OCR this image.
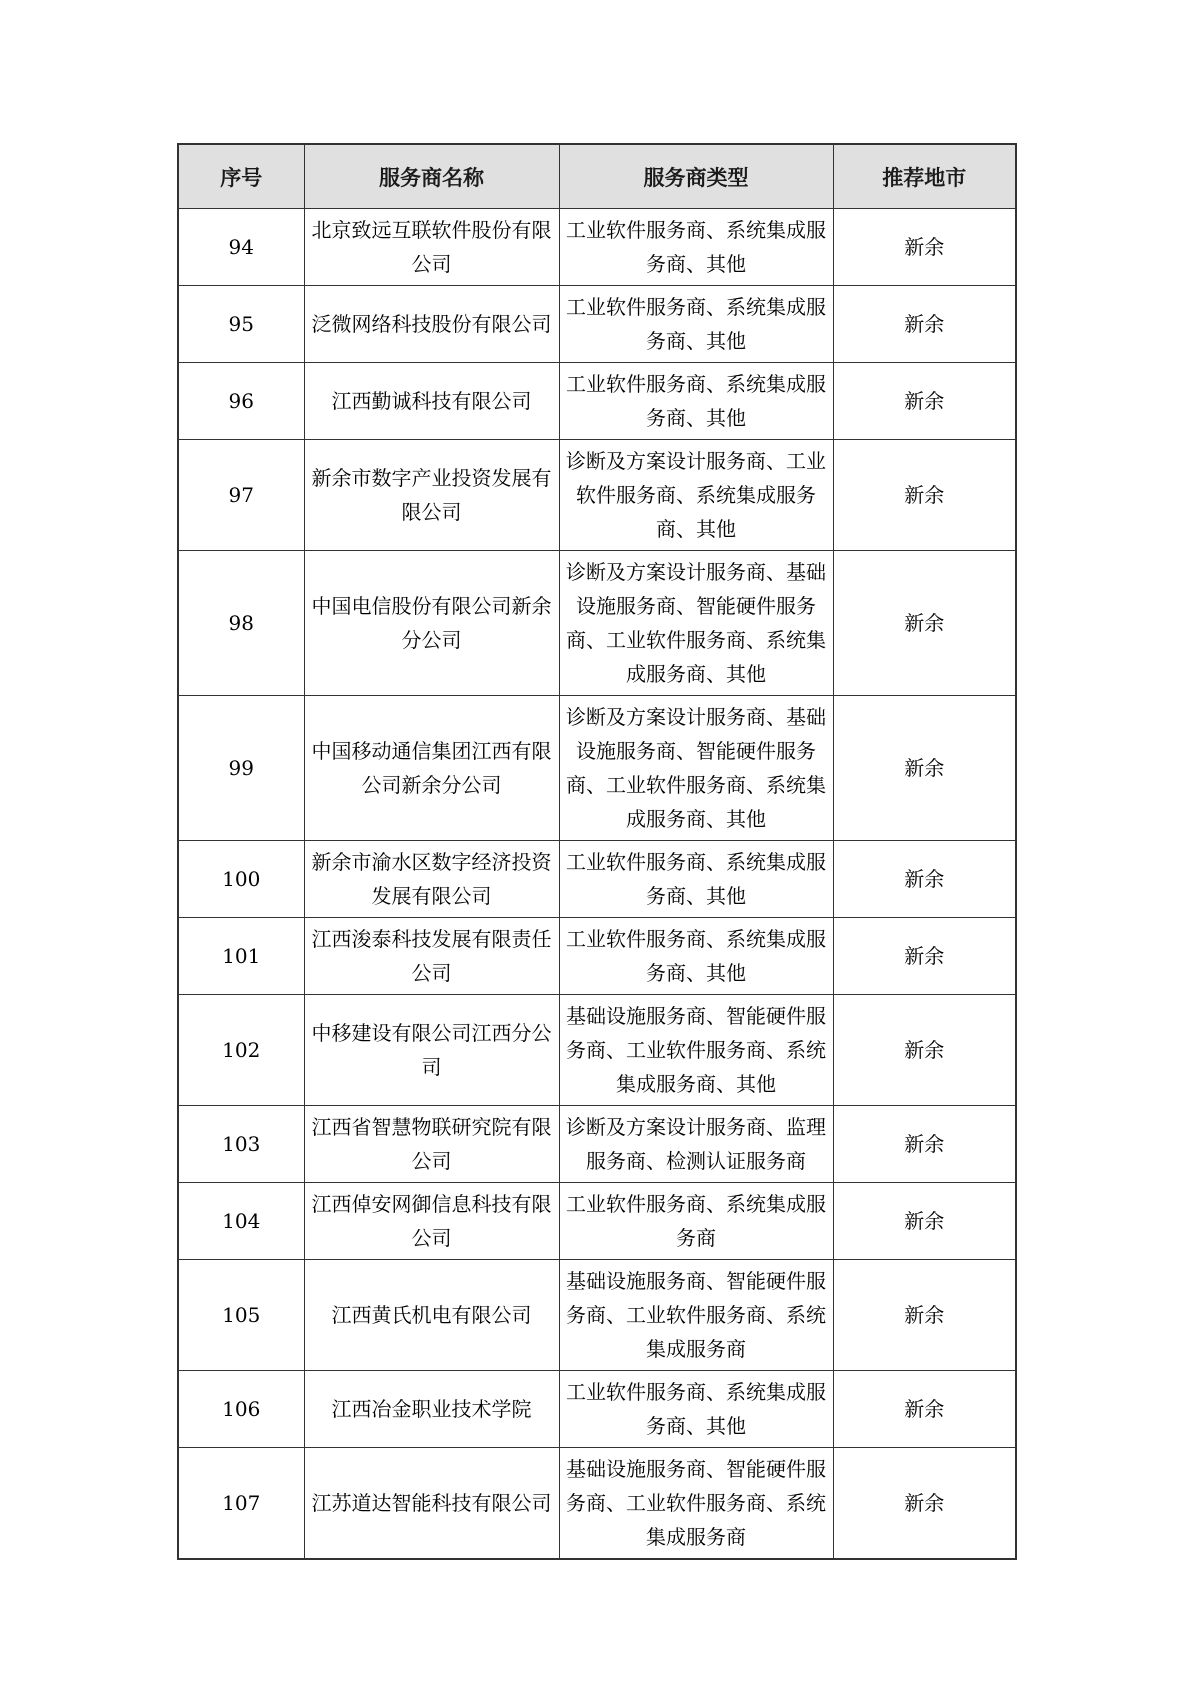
序号	服务商名称	服务商类型	推荐地市
94	北京致远互联软件股份有限公司	工业软件服务商、系统集成服务商、其他	新余
95	泛微网络科技股份有限公司	工业软件服务商、系统集成服务商、其他	新余
96	江西勤诚科技有限公司	工业软件服务商、系统集成服务商、其他	新余
97	新余市数字产业投资发展有限公司	诊断及方案设计服务商、工业软件服务商、系统集成服务商、其他	新余
98	中国电信股份有限公司新余分公司	诊断及方案设计服务商、基础设施服务商、智能硬件服务商、工业软件服务商、系统集成服务商、其他	新余
99	中国移动通信集团江西有限公司新余分公司	诊断及方案设计服务商、基础设施服务商、智能硬件服务商、工业软件服务商、系统集成服务商、其他	新余
100	新余市渝水区数字经济投资发展有限公司	工业软件服务商、系统集成服务商、其他	新余
101	江西浚泰科技发展有限责任公司	工业软件服务商、系统集成服务商、其他	新余
102	中移建设有限公司江西分公司	基础设施服务商、智能硬件服务商、工业软件服务商、系统集成服务商、其他	新余
103	江西省智慧物联研究院有限公司	诊断及方案设计服务商、监理服务商、检测认证服务商	新余
104	江西倬安网御信息科技有限公司	工业软件服务商、系统集成服务商	新余
105	江西黄氏机电有限公司	基础设施服务商、智能硬件服务商、工业软件服务商、系统集成服务商	新余
106	江西冶金职业技术学院	工业软件服务商、系统集成服务商、其他	新余
107	江苏道达智能科技有限公司	基础设施服务商、智能硬件服务商、工业软件服务商、系统集成服务商	新余
